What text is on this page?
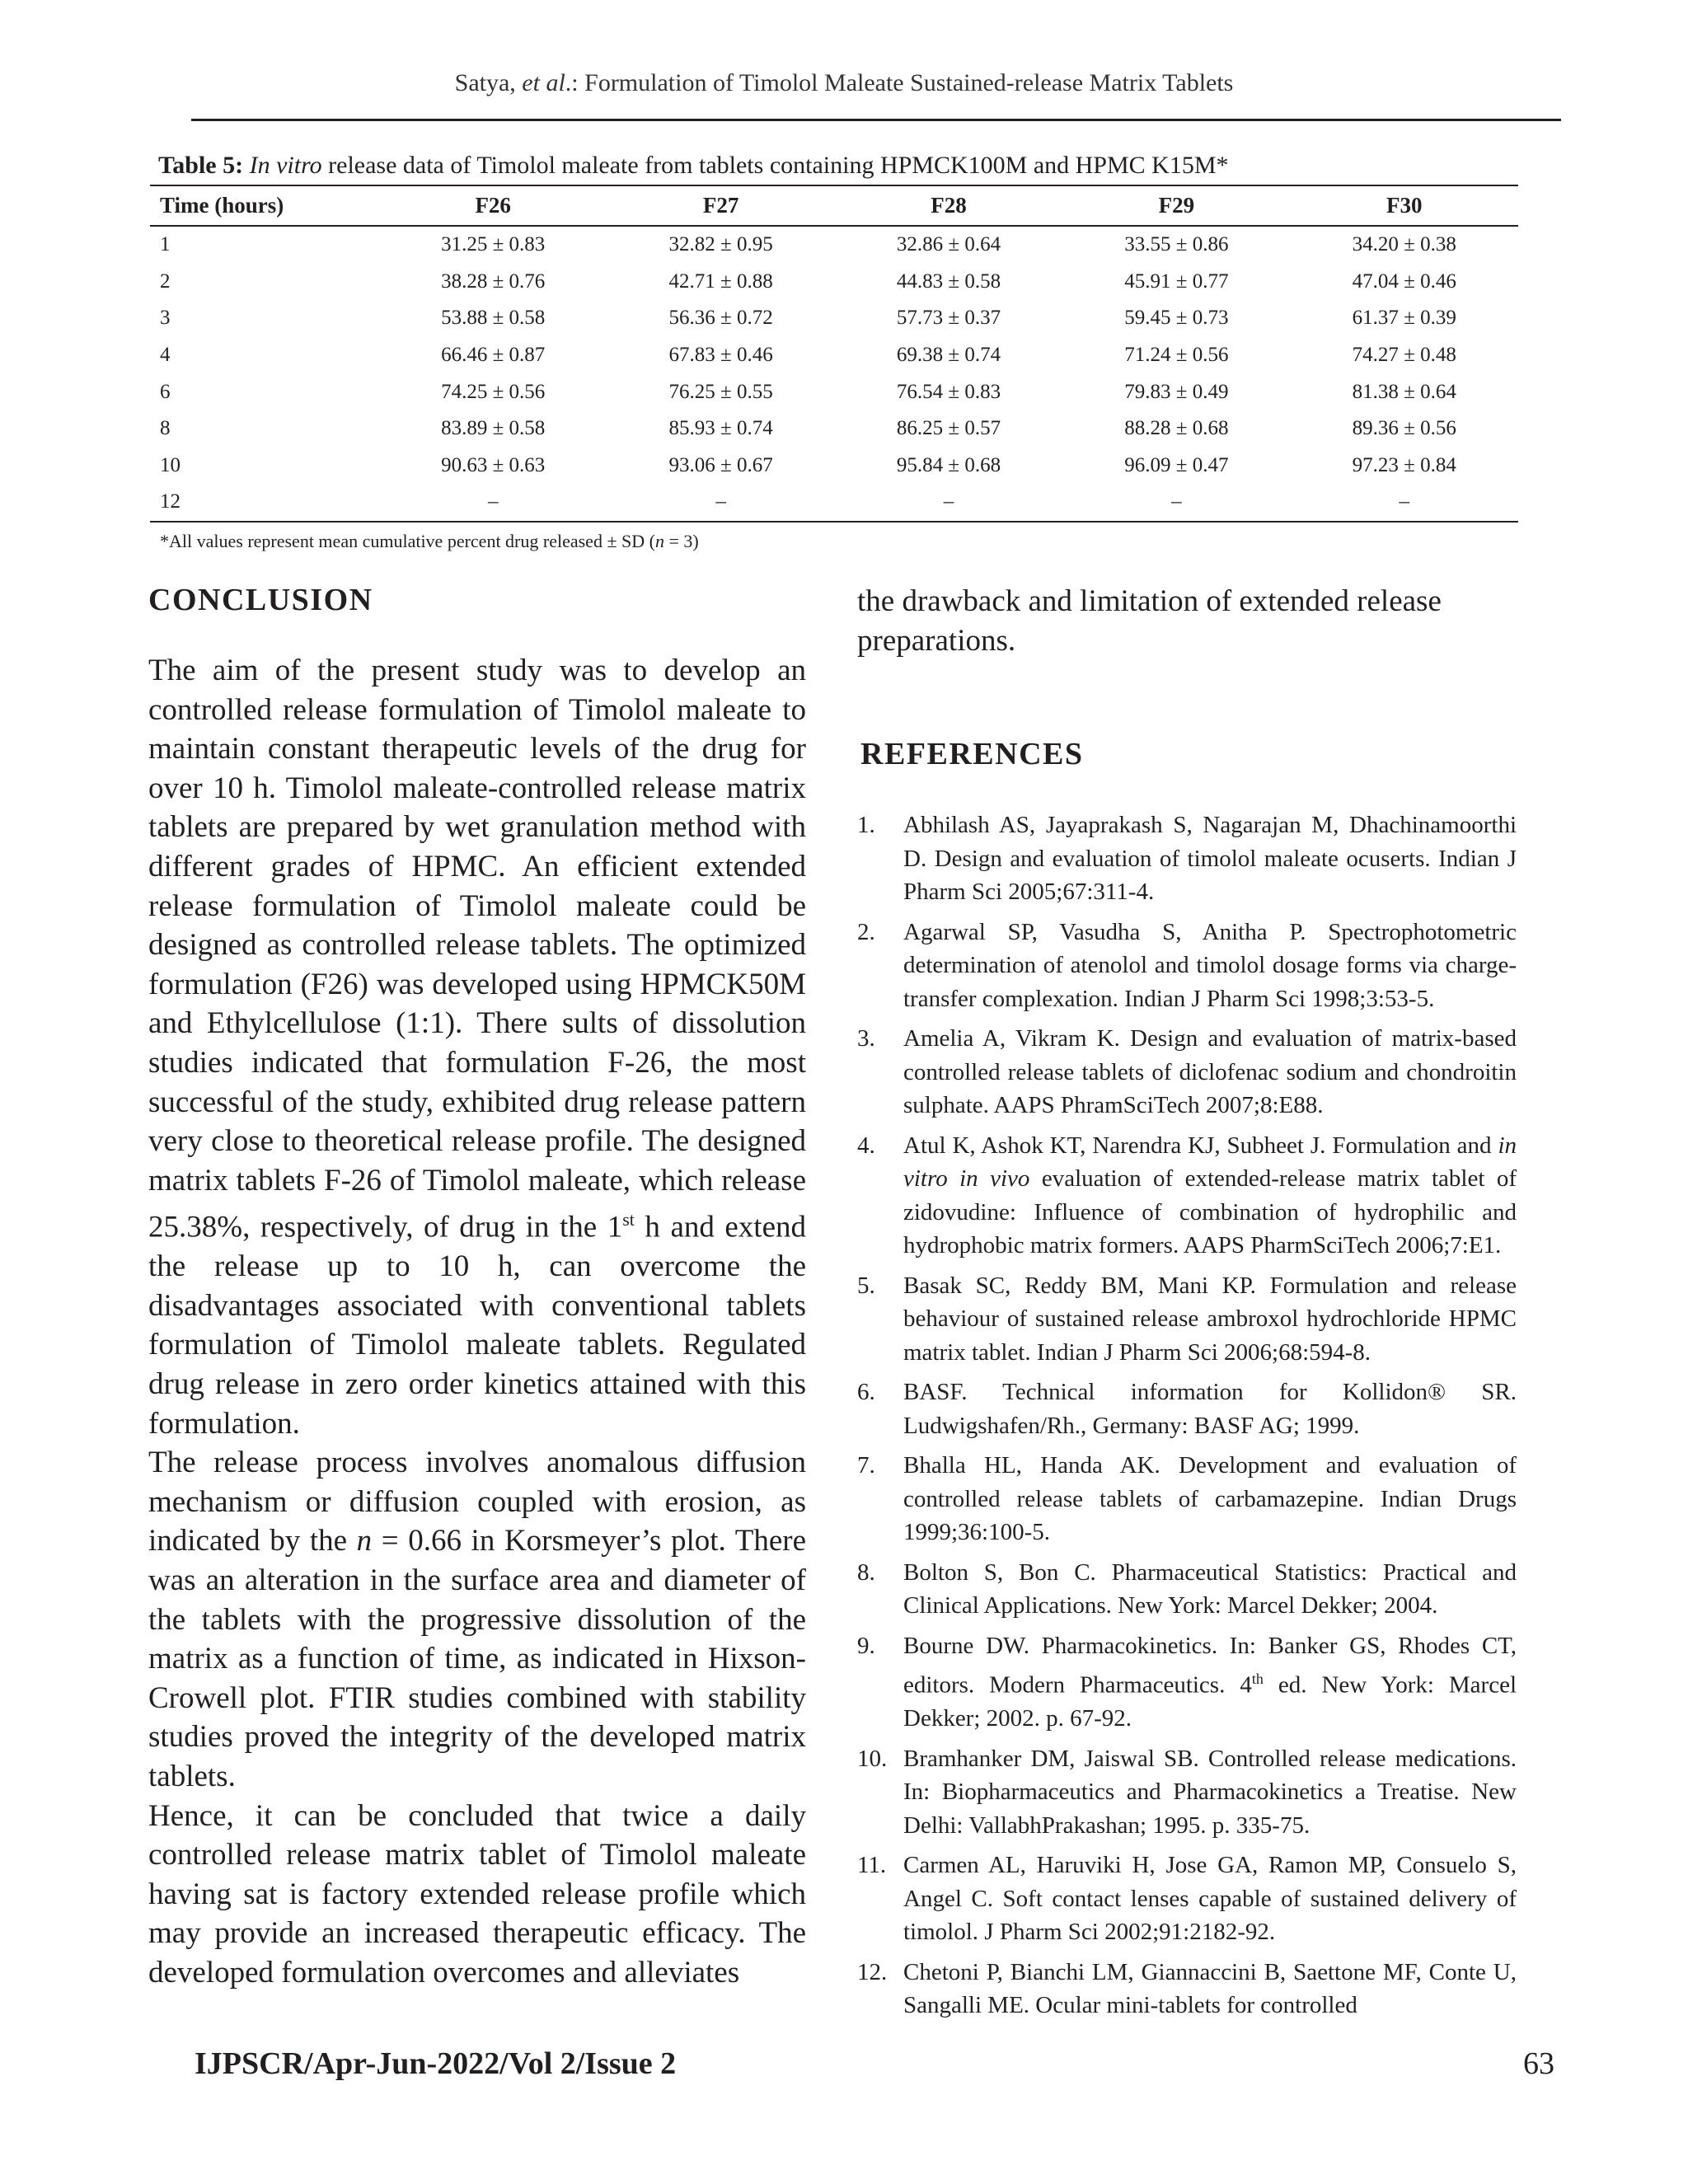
Satya, et al.: Formulation of Timolol Maleate Sustained-release Matrix Tablets
Table 5: In vitro release data of Timolol maleate from tablets containing HPMCK100M and HPMC K15M*
Time (hours)	F26	F27	F28	F29	F30
1	31.25 ± 0.83	32.82 ± 0.95	32.86 ± 0.64	33.55 ± 0.86	34.20 ± 0.38
2	38.28 ± 0.76	42.71 ± 0.88	44.83 ± 0.58	45.91 ± 0.77	47.04 ± 0.46
3	53.88 ± 0.58	56.36 ± 0.72	57.73 ± 0.37	59.45 ± 0.73	61.37 ± 0.39
4	66.46 ± 0.87	67.83 ± 0.46	69.38 ± 0.74	71.24 ± 0.56	74.27 ± 0.48
6	74.25 ± 0.56	76.25 ± 0.55	76.54 ± 0.83	79.83 ± 0.49	81.38 ± 0.64
8	83.89 ± 0.58	85.93 ± 0.74	86.25 ± 0.57	88.28 ± 0.68	89.36 ± 0.56
10	90.63 ± 0.63	93.06 ± 0.67	95.84 ± 0.68	96.09 ± 0.47	97.23 ± 0.84
12	–	–	–	–	–
*All values represent mean cumulative percent drug released ± SD (n = 3)
CONCLUSION

The aim of the present study was to develop an controlled release formulation of Timolol maleate to maintain constant therapeutic levels of the drug for over 10 h. Timolol maleate-controlled release matrix tablets are prepared by wet granulation method with different grades of HPMC. An efficient extended release formulation of Timolol maleate could be designed as controlled release tablets. The optimized formulation (F26) was developed using HPMCK50M and Ethylcellulose (1:1). There sults of dissolution studies indicated that formulation F-26, the most successful of the study, exhibited drug release pattern very close to theoretical release profile. The designed matrix tablets F-26 of Timolol maleate, which release 25.38%, respectively, of drug in the 1st h and extend the release up to 10 h, can overcome the disadvantages associated with conventional tablets formulation of Timolol maleate tablets. Regulated drug release in zero order kinetics attained with this formulation.

The release process involves anomalous diffusion mechanism or diffusion coupled with erosion, as indicated by the n = 0.66 in Korsmeyer’s plot. There was an alteration in the surface area and diameter of the tablets with the progressive dissolution of the matrix as a function of time, as indicated in Hixson-Crowell plot. FTIR studies combined with stability studies proved the integrity of the developed matrix tablets.

Hence, it can be concluded that twice a daily controlled release matrix tablet of Timolol maleate having sat is factory extended release profile which may provide an increased therapeutic efficacy. The developed formulation overcomes and alleviates

the drawback and limitation of extended release preparations.

REFERENCES
1. Abhilash AS, Jayaprakash S, Nagarajan M, Dhachinamoorthi D. Design and evaluation of timolol maleate ocuserts. Indian J Pharm Sci 2005;67:311-4.
2. Agarwal SP, Vasudha S, Anitha P. Spectrophotometric determination of atenolol and timolol dosage forms via charge-transfer complexation. Indian J Pharm Sci 1998;3:53-5.
3. Amelia A, Vikram K. Design and evaluation of matrix-based controlled release tablets of diclofenac sodium and chondroitin sulphate. AAPS PhramSciTech 2007;8:E88.
4. Atul K, Ashok KT, Narendra KJ, Subheet J. Formulation and in vitro in vivo evaluation of extended-release matrix tablet of zidovudine: Influence of combination of hydrophilic and hydrophobic matrix formers. AAPS PharmSciTech 2006;7:E1.
5. Basak SC, Reddy BM, Mani KP. Formulation and release behaviour of sustained release ambroxol hydrochloride HPMC matrix tablet. Indian J Pharm Sci 2006;68:594-8.
6. BASF. Technical information for Kollidon® SR. Ludwigshafen/Rh., Germany: BASF AG; 1999.
7. Bhalla HL, Handa AK. Development and evaluation of controlled release tablets of carbamazepine. Indian Drugs 1999;36:100-5.
8. Bolton S, Bon C. Pharmaceutical Statistics: Practical and Clinical Applications. New York: Marcel Dekker; 2004.
9. Bourne DW. Pharmacokinetics. In: Banker GS, Rhodes CT, editors. Modern Pharmaceutics. 4th ed. New York: Marcel Dekker; 2002. p. 67-92.
10. Bramhanker DM, Jaiswal SB. Controlled release medications. In: Biopharmaceutics and Pharmacokinetics a Treatise. New Delhi: VallabhPrakashan; 1995. p. 335-75.
11. Carmen AL, Haruviki H, Jose GA, Ramon MP, Consuelo S, Angel C. Soft contact lenses capable of sustained delivery of timolol. J Pharm Sci 2002;91:2182-92.
12. Chetoni P, Bianchi LM, Giannaccini B, Saettone MF, Conte U, Sangalli ME. Ocular mini-tablets for controlled
IJPSCR/Apr-Jun-2022/Vol 2/Issue 2	63
